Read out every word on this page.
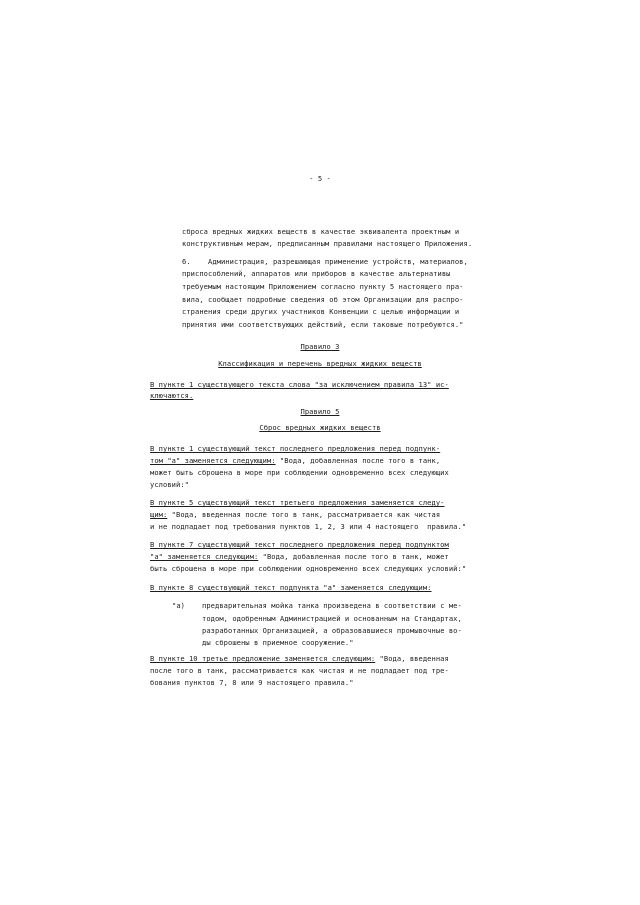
- 5 -
сброса вредных жидких веществ в качестве эквивалента проектным и
конструктивным мерам, предписанным правилами настоящего Приложения.
6.    Администрация, разрешающая применение устройств, материалов,
приспособлений, аппаратов или приборов в качестве альтернативы
требуемым настоящим Приложением согласно пункту 5 настоящего пра-
вила, сообщает подробные сведения об этом Организации для распро-
странения среди других участников Конвенции с целью информации и
принятия ими соответствующих действий, если таковые потребуются."
Правило 3
Классификация и перечень вредных жидких веществ
В пункте 1 существующего текста слова "за исключением правила 13" ис-
ключаются.
Правило 5
Сброс вредных жидких веществ
В пункте 1 существующий текст последнего предложения перед подпунк-
том "а" заменяется следующим: "Вода, добавленная после того в танк,
может быть сброшена в море при соблюдении одновременно всех следующих
условий:"
В пункте 5 существующий текст третьего предложения заменяется следу-
щим: "Вода, введенная после того в танк, рассматривается как чистая
и не подпадает под требования пунктов 1, 2, 3 или 4 настоящего  правила."
В пункте 7 существующий текст последнего предложения перед подпунктом
"а" заменяется следующим: "Вода, добавленная после того в танк, может
быть сброшена в море при соблюдении одновременно всех следующих условий:"
В пункте 8 существующий текст подпункта "а" заменяется следующим:
"а) предварительная мойка танка произведена в соответствии с ме-
тодом, одобренным Администрацией и основанным на Стандартах,
разработанных Организацией, а образовавшиеся промывочные во-
ды сброшены в приемное сооружение."
В пункте 10 третье предложение заменяется следующим: "Вода, введенная
после того в танк, рассматривается как чистая и не подпадает под тре-
бования пунктов 7, 8 или 9 настоящего правила."
